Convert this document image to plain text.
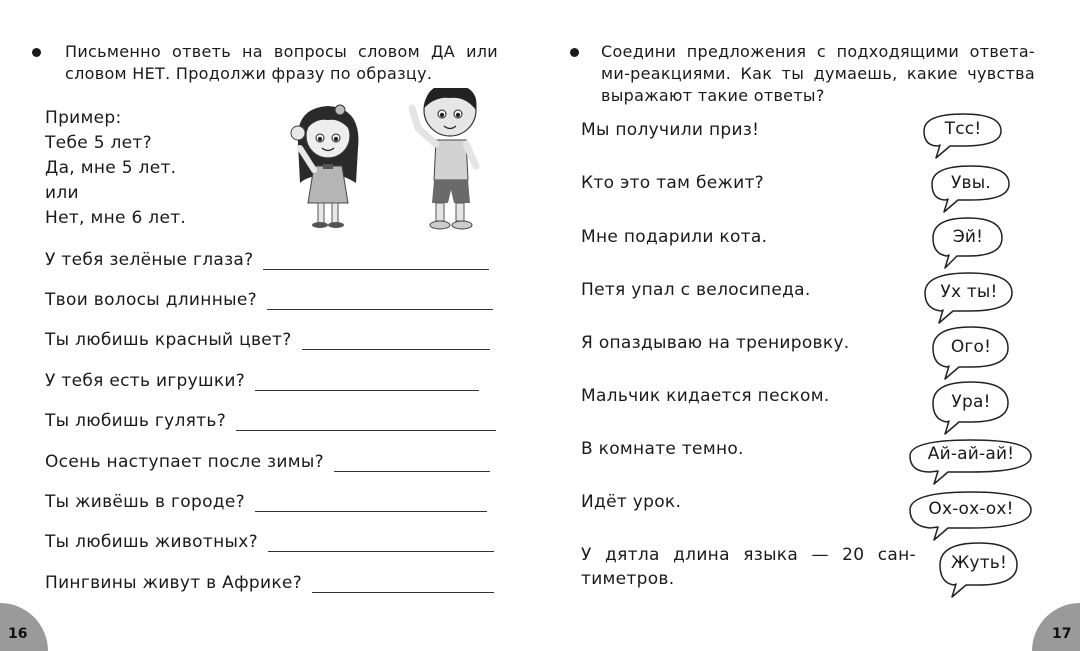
Письменно ответь на вопросы словом ДА или словом НЕТ. Продолжи фразу по образцу.
Пример:
Тебе 5 лет?
Да, мне 5 лет.
или
Нет, мне 6 лет.
У тебя зелёные глаза?
Твои волосы длинные?
Ты любишь красный цвет?
У тебя есть игрушки?
Ты любишь гулять?
Осень наступает после зимы?
Ты живёшь в городе?
Ты любишь животных?
Пингвины живут в Африке?
16
Соедини предложения с подходящими ответа-ми-реакциями. Как ты думаешь, какие чувства выражают такие ответы?
Мы получили приз!
Кто это там бежит?
Мне подарили кота.
Петя упал с велосипеда.
Я опаздываю на тренировку.
Мальчик кидается песком.
В комнате темно.
Идёт урок.
У дятла длина языка — 20 сан-тиметров.
Тсс!
Увы.
Эй!
Ух ты!
Ого!
Ура!
Ай-ай-ай!
Ох-ох-ох!
Жуть!
17
